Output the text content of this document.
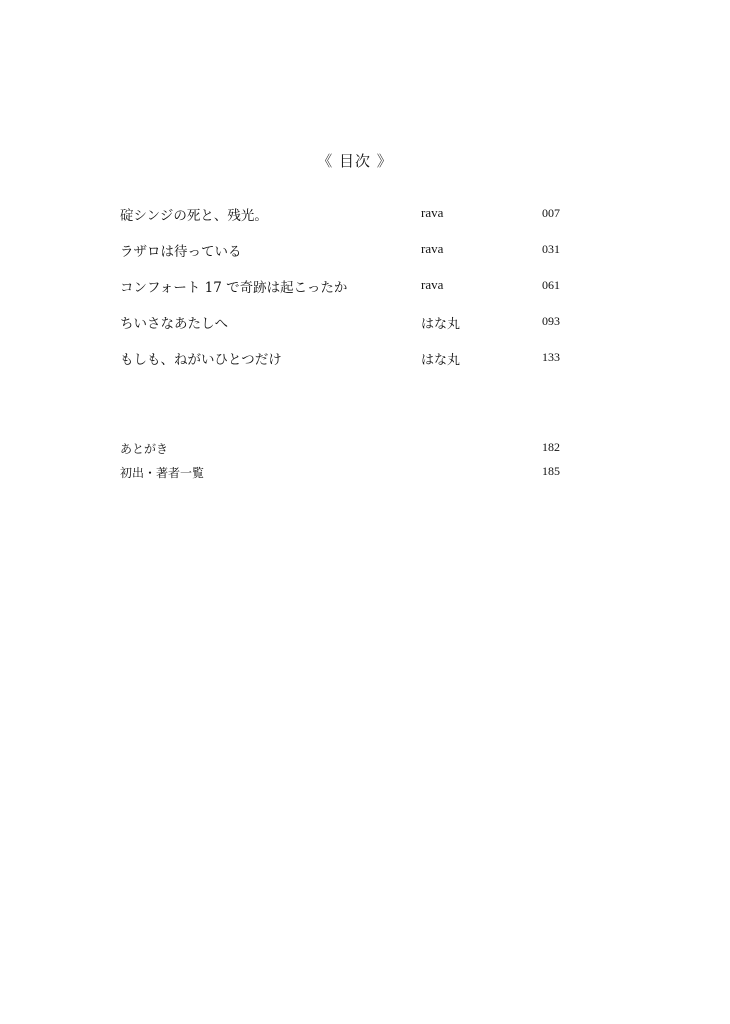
《 目次 》
碇シンジの死と、残光。	rava	007
ラザロは待っている	rava	031
コンフォート 17 で奇跡は起こったか	rava	061
ちいさなあたしへ	はな丸	093
もしも、ねがいひとつだけ	はな丸	133
あとがき	182
初出・著者一覧	185
